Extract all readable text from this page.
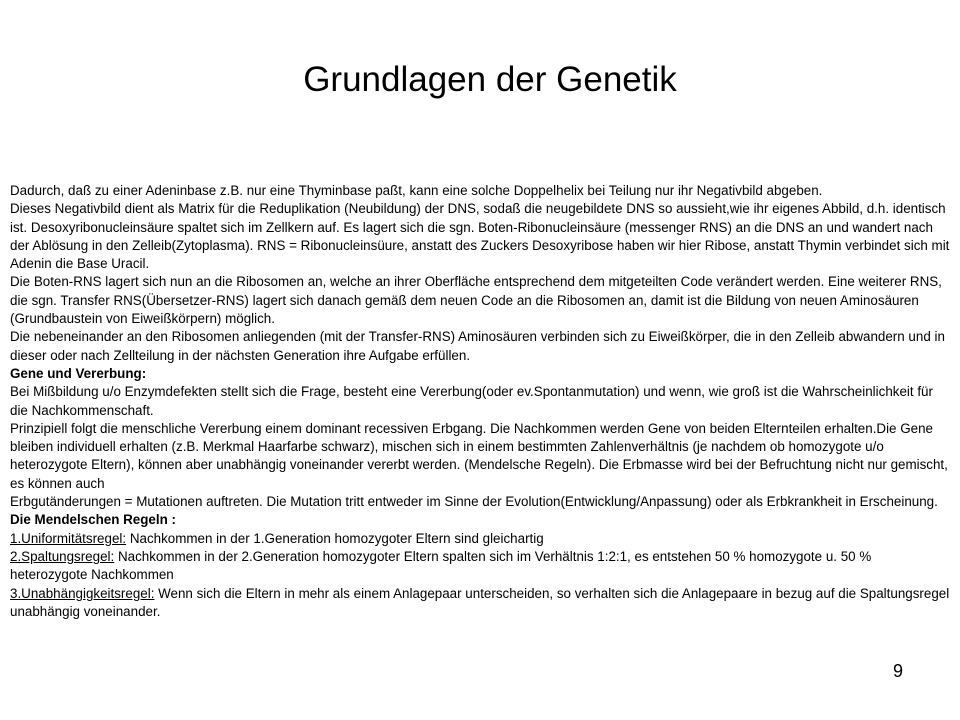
Grundlagen der Genetik

Dadurch, daß zu einer Adeninbase z.B. nur eine Thyminbase paßt, kann eine solche Doppelhelix bei Teilung nur ihr Negativbild abgeben.

Dieses Negativbild dient als Matrix für die Reduplikation (Neubildung) der DNS, sodaß die neugebildete DNS so aussieht,wie ihr eigenes Abbild, d.h. identisch ist. Desoxyribonucleinsäure spaltet sich im Zellkern auf. Es lagert sich die sgn. Boten-Ribonucleinsäure (messenger RNS) an die DNS an und wandert nach der Ablösung in den Zelleib(Zytoplasma). RNS = Ribonucleinsüure, anstatt des Zuckers Desoxyribose haben wir hier Ribose, anstatt Thymin verbindet sich mit Adenin die Base Uracil.

Die Boten-RNS lagert sich nun an die Ribosomen an, welche an ihrer Oberfläche entsprechend dem mitgeteilten Code verändert werden. Eine weiterer RNS, die sgn. Transfer RNS(Übersetzer-RNS) lagert sich danach gemäß dem neuen Code an die Ribosomen an, damit ist die Bildung von neuen Aminosäuren (Grundbaustein von Eiweißkörpern) möglich.

Die nebeneinander an den Ribosomen anliegenden (mit der Transfer-RNS) Aminosäuren verbinden sich zu Eiweißkörper, die in den Zelleib abwandern und in dieser oder nach Zellteilung in der nächsten Generation ihre Aufgabe erfüllen.

Gene und Vererbung:

Bei Mißbildung u/o Enzymdefekten stellt sich die Frage, besteht eine Vererbung(oder ev.Spontanmutation) und wenn, wie groß ist die Wahrscheinlichkeit für die Nachkommenschaft.

Prinzipiell folgt die menschliche Vererbung einem dominant recessiven Erbgang. Die Nachkommen werden Gene von beiden Elternteilen erhalten.Die Gene bleiben individuell erhalten (z.B. Merkmal Haarfarbe schwarz), mischen sich in einem bestimmten Zahlenverhältnis (je nachdem ob homozygote u/o heterozygote Eltern), können aber unabhängig voneinander vererbt werden. (Mendelsche Regeln). Die Erbmasse wird bei der Befruchtung nicht nur gemischt, es können auch

Erbgutänderungen = Mutationen auftreten. Die Mutation tritt entweder im Sinne der Evolution(Entwicklung/Anpassung) oder als Erbkrankheit in Erscheinung.

Die Mendelschen Regeln :

1.Uniformitätsregel: Nachkommen in der 1.Generation homozygoter Eltern sind gleichartig

2.Spaltungsregel: Nachkommen in der 2.Generation homozygoter Eltern spalten sich im Verhältnis 1:2:1, es entstehen 50 % homozygote u. 50 % heterozygote Nachkommen

3.Unabhängigkeitsregel: Wenn sich die Eltern in mehr als einem Anlagepaar unterscheiden, so verhalten sich die Anlagepaare in bezug auf die Spaltungsregel unabhängig voneinander.

9
